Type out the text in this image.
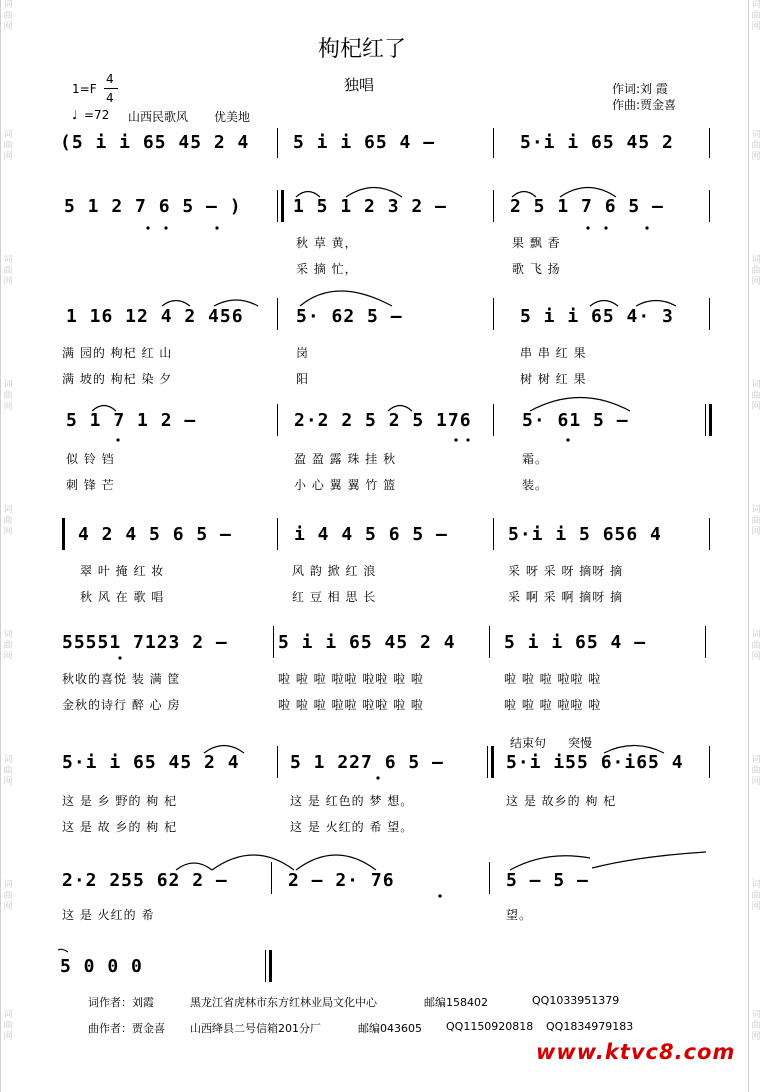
词曲网
词曲网
词曲网
词曲网
词曲网
词曲网
词曲网
词曲网
词曲网
词曲网
词曲网
词曲网
词曲网
词曲网
词曲网
词曲网
词曲网
词曲网
枸杞红了
独唱
1=F
4
4
♩ =72 山西民歌风 优美地
作词:刘 霞
作曲:贾金喜
(5 i i 65 45 2 4 5 i i 65 4 –	5·i i 65 45 2
5 1 2 7 6 5 – )	1 5 1 2 3 2 –	2 5 1 7 6 5 –
秋 草 黄，	果 飘 香
采 摘 忙，	歌 飞 扬
1 16 12 4 2 456	5· 62 5 –	5 i i 65 4· 3
满 园的 枸杞 红 山	岗	串 串 红 果
满 坡的 枸杞 染 夕	阳	树 树 红 果
5 1 7 1 2 –	2·2 2 5 2 5 176	5· 61 5 –
似 铃 铛	盈 盈 露 珠 挂 秋	霜。
刺 锋 芒	小 心 翼 翼 竹 篮	装。
4 2 4 5 6 5 –	i 4 4 5 6 5 –	5·i i 5 656 4
翠 叶 掩 红 妆	风 韵 掀 红 浪	采 呀 采 呀 摘呀 摘
秋 风 在 歌 唱	红 豆 相 思 长	采 啊 采 啊 摘呀 摘
55551 7123 2 –	5 i i 65 45 2 4	5 i i 65 4 –
秋收的喜悦 装 满 筐	啦 啦 啦 啦啦 啦啦 啦 啦	啦 啦 啦 啦啦 啦
金秋的诗行 醉 心 房	啦 啦 啦 啦啦 啦啦 啦 啦	啦 啦 啦 啦啦 啦
结束句 突慢
5·i i 65 45 2 4	5 1 227 6 5 –	5·i i55 6·i65 4
这 是 乡 野的 枸 杞	这 是 红色的 梦 想。	这 是 故乡的 枸 杞
这 是 故 乡的 枸 杞	这 是 火红的 希 望。
2·2 255 62 2 –	2 – 2· 76	5 – 5 –
这 是 火红的 希	望。
5 0 0 0
词作者：刘霞	黑龙江省虎林市东方红林业局文化中心	邮编158402	QQ1033951379
曲作者：贾金喜 山西绛县二号信箱201分厂	邮编043605 QQ1150920818 QQ1834979183
www.ktvc8.com
